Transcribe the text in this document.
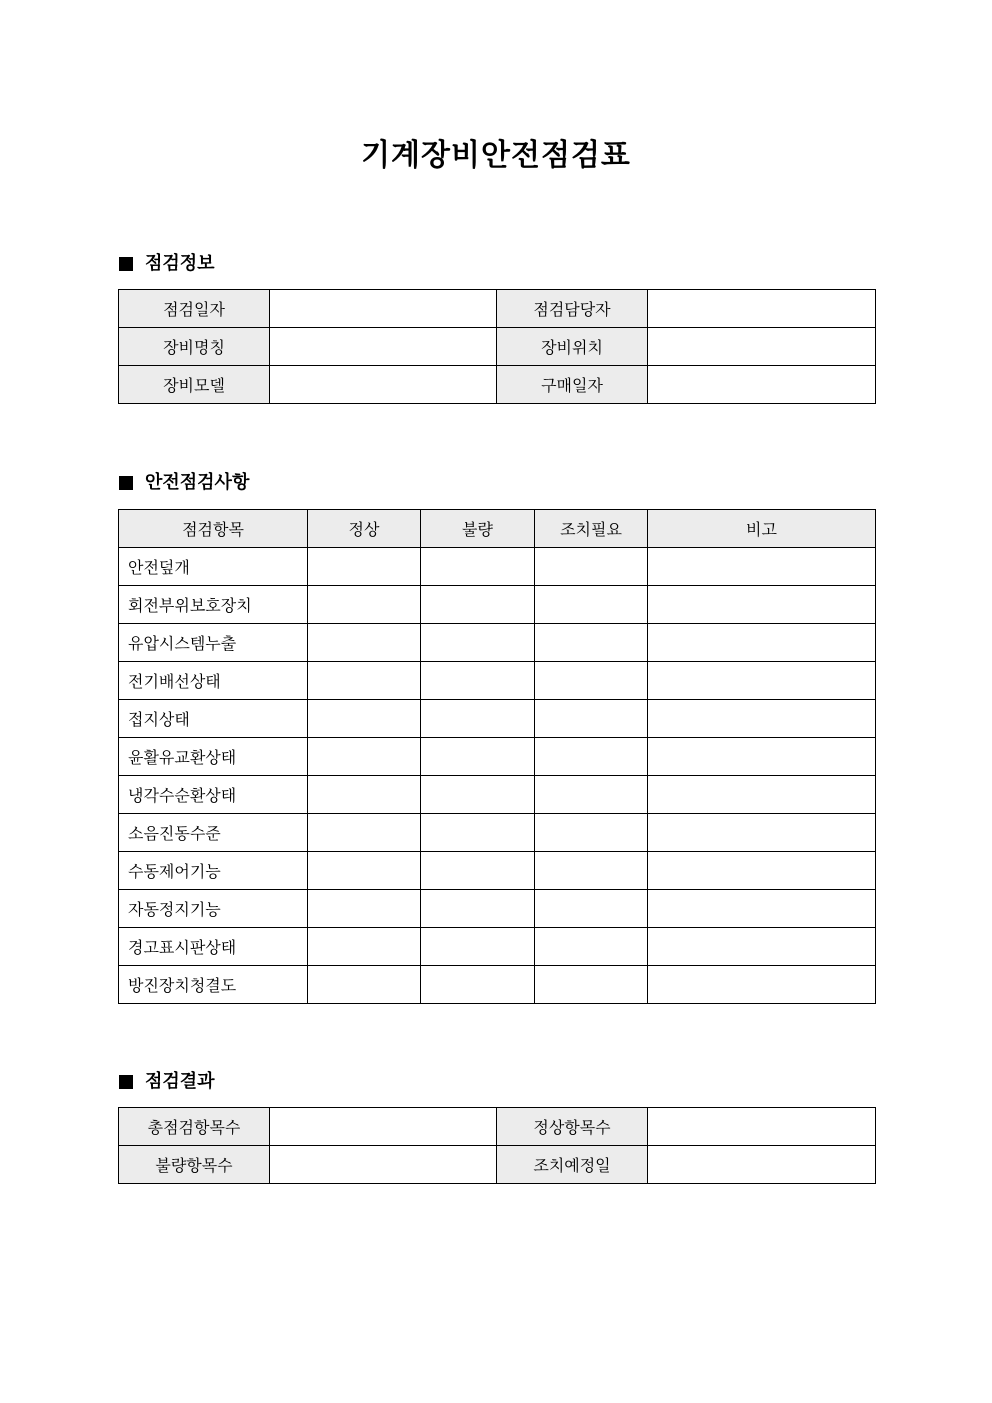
기계장비안전점검표
점검정보
점검일자		점검담당자	
장비명칭		장비위치	
장비모델		구매일자	
안전점검사항
점검항목	정상	불량	조치필요	비고
안전덮개				
회전부위보호장치				
유압시스템누출				
전기배선상태				
접지상태				
윤활유교환상태				
냉각수순환상태				
소음진동수준				
수동제어기능				
자동정지기능				
경고표시판상태				
방진장치청결도				
점검결과
총점검항목수		정상항목수	
불량항목수		조치예정일	
